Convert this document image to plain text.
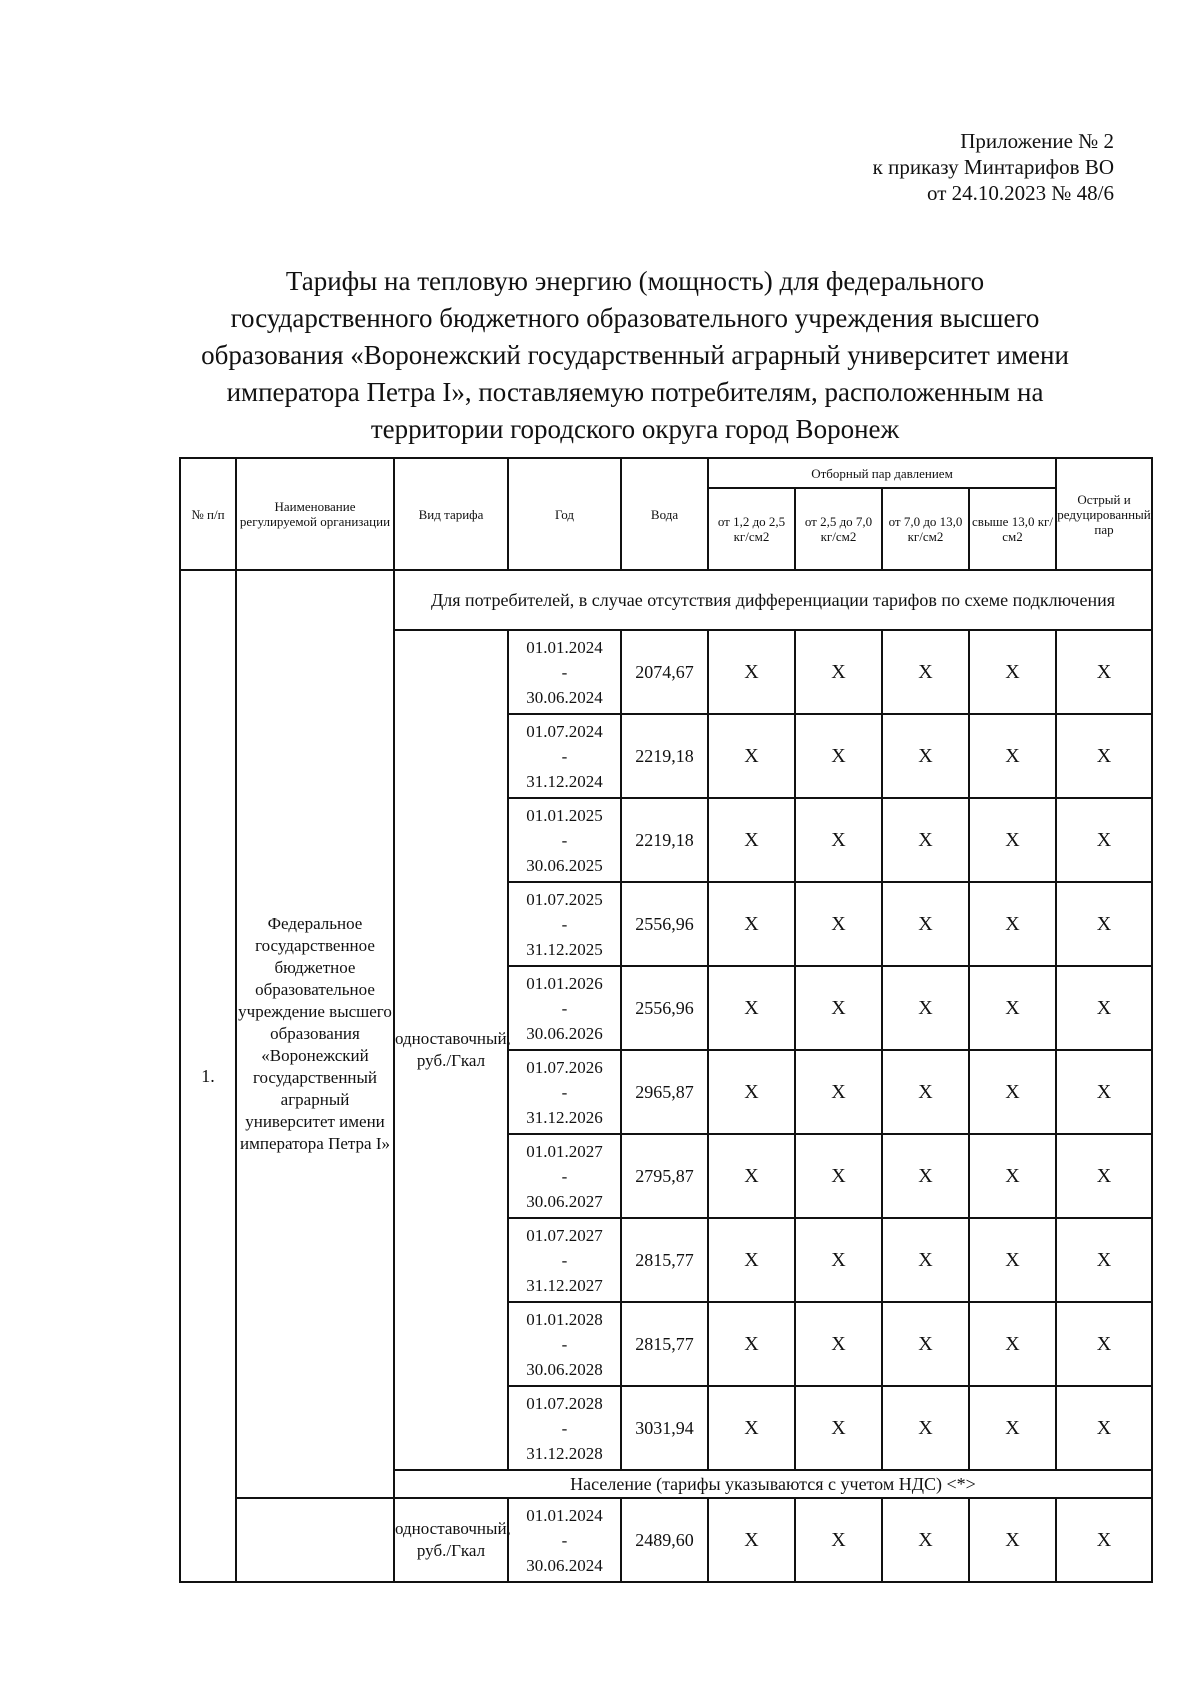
Приложение № 2
к приказу Минтарифов ВО
от 24.10.2023 № 48/6
Тарифы на тепловую энергию (мощность) для федерального
государственного бюджетного образовательного учреждения высшего
образования «Воронежский государственный аграрный университет имени
императора Петра I», поставляемую потребителям, расположенным на
территории городского округа город Воронеж
№ п/п	Наименование регулируемой организации	Вид тарифа	Год	Вода	Отборный пар давлением				Острый и редуцированный пар
					от 1,2 до 2,5 кг/см2	от 2,5 до 7,0 кг/см2	от 7,0 до 13,0 кг/см2	свыше 13,0 кг/см2	
1.	Федеральное государственное бюджетное образовательное учреждение высшего образования «Воронежский государственный аграрный университет имени императора Петра I»	Для потребителей, в случае отсутствия дифференциации тарифов по схеме подключения							
		одноставочный, руб./Гкал	01.01.2024
-
30.06.2024	2074,67	X	X	X	X	X

			01.07.2024
-
31.12.2024	2219,18	X	X	X	X	X

			01.01.2025
-
30.06.2025	2219,18	X	X	X	X	X

			01.07.2025
-
31.12.2025	2556,96	X	X	X	X	X

			01.01.2026
-
30.06.2026	2556,96	X	X	X	X	X

			01.07.2026
-
31.12.2026	2965,87	X	X	X	X	X

			01.01.2027
-
30.06.2027	2795,87	X	X	X	X	X

			01.07.2027
-
31.12.2027	2815,77	X	X	X	X	X

			01.01.2028
-
30.06.2028	2815,77	X	X	X	X	X

			01.07.2028
-
31.12.2028	3031,94	X	X	X	X	X
		Население (тарифы указываются с учетом НДС) <*>							
		одноставочный, руб./Гкал	01.01.2024
-
30.06.2024	2489,60	X	X	X	X	X
